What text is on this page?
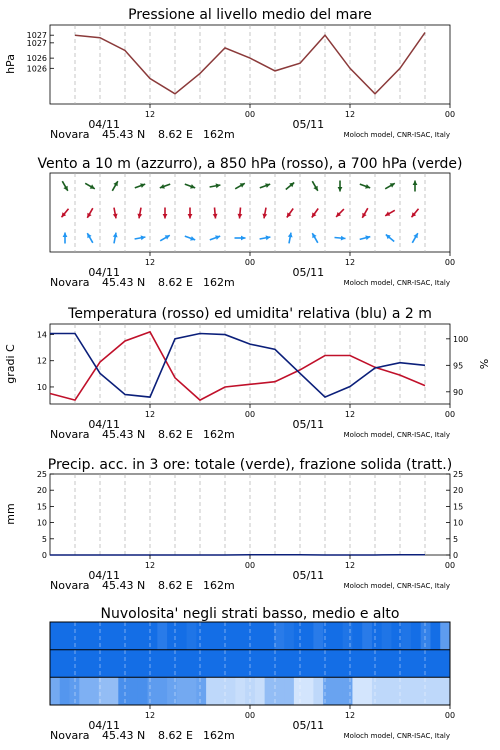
Pressione al livello medio del mare
1026
1026
1027
1027
hPa
12	00	12	00
04/11	05/11
Novara 45.43 N 8.62 E 162m	Moloch model, CNR-ISAC, Italy
Vento a 10 m (azzurro), a 850 hPa (rosso), a 700 hPa (verde)
12	00	12	00
04/11	05/11
Novara 45.43 N 8.62 E 162m	Moloch model, CNR-ISAC, Italy
Temperatura (rosso) ed umidita' relativa (blu) a 2 m
10
12
14
90
95
100
gradi C	%
12	00	12	00
04/11	05/11
Novara 45.43 N 8.62 E 162m	Moloch model, CNR-ISAC, Italy
Precip. acc. in 3 ore: totale (verde), frazione solida (tratt.)
0	0
5	5
10	10
15	15
20	20
25	25
mm
12	00	12	00
04/11	05/11
Novara 45.43 N 8.62 E 162m	Moloch model, CNR-ISAC, Italy
Nuvolosita' negli strati basso, medio e alto
12	00	12	00
04/11	05/11
Novara 45.43 N 8.62 E 162m	Moloch model, CNR-ISAC, Italy
